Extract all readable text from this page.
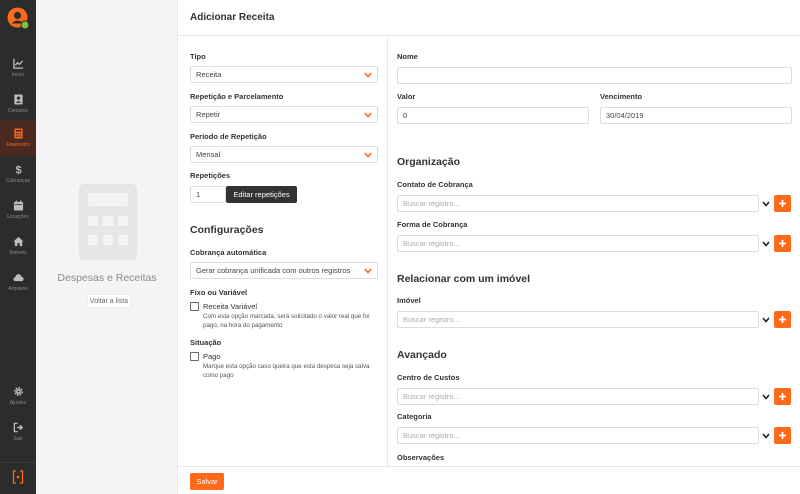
Início
Contatos
Financeiro
$
Cobranças
Locações
Imóveis
Arquivos
Ajustes
Sair
Despesas e Receitas
Voltar a lista
Adicionar Receita
Tipo
Receita
Repetição e Parcelamento
Repetir
Período de Repetição
Mensal
Repetições
1	Editar repetições
Configurações
Cobrança automática
Gerar cobrança unificada com outros registros
Fixo ou Variável
Receita Variável
Com esta opção marcada, será solicitado o valor real que foi pago, na hora do pagamento
Situação
Pago
Marque esta opção caso queira que esta despesa seja salva como pago
Nome
Valor
0
Vencimento
30/04/2019
Organização
Contato de Cobrança
Buscar registro...
Forma de Cobrança
Buscar registro...
Relacionar com um imóvel
Imóvel
Buscar registro...
Avançado
Centro de Custos
Buscar registro...
Categoria
Buscar registro...
Observações
Salvar
